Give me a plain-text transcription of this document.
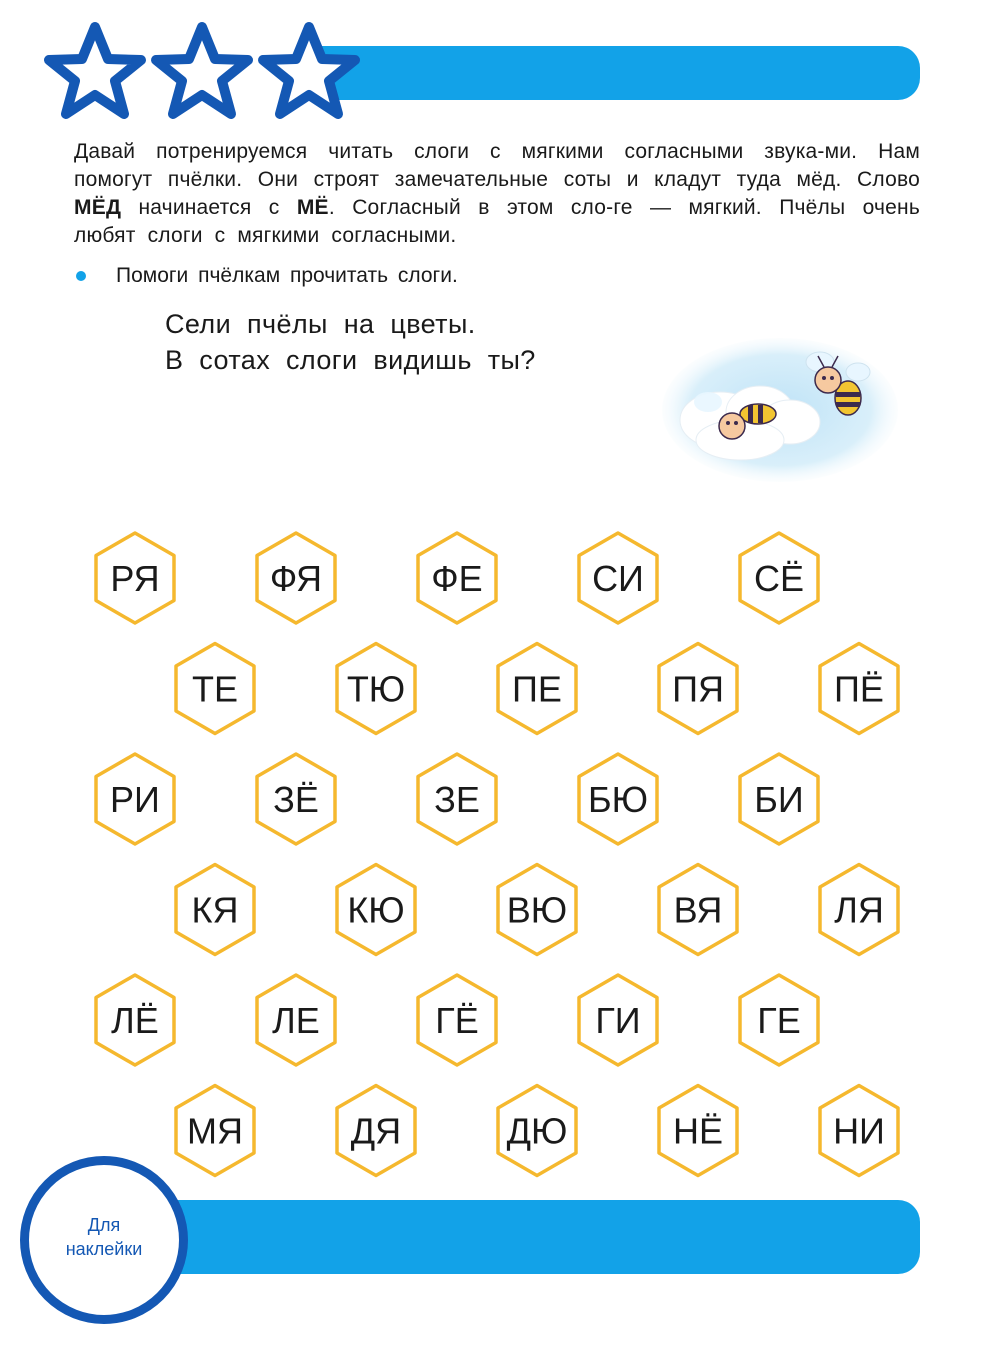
Давай потренируемся читать слоги с мягкими согласными звука-ми. Нам помогут пчёлки. Они строят замечательные соты и кладут туда мёд. Слово МЁД начинается с МЁ. Согласный в этом сло-ге — мягкий. Пчёлы очень любят слоги с мягкими согласными.
Помоги пчёлкам прочитать слоги.
Сели пчёлы на цветы.
В сотах слоги видишь ты?
РЯ	ФЯ	ФЕ	СИ	СЁ
ТЕ	ТЮ	ПЕ	ПЯ	ПЁ
РИ	ЗЁ	ЗЕ	БЮ	БИ
КЯ	КЮ	ВЮ	ВЯ	ЛЯ
ЛЁ	ЛЕ	ГЁ	ГИ	ГЕ
МЯ	ДЯ	ДЮ	НЁ	НИ
Для
наклейки
